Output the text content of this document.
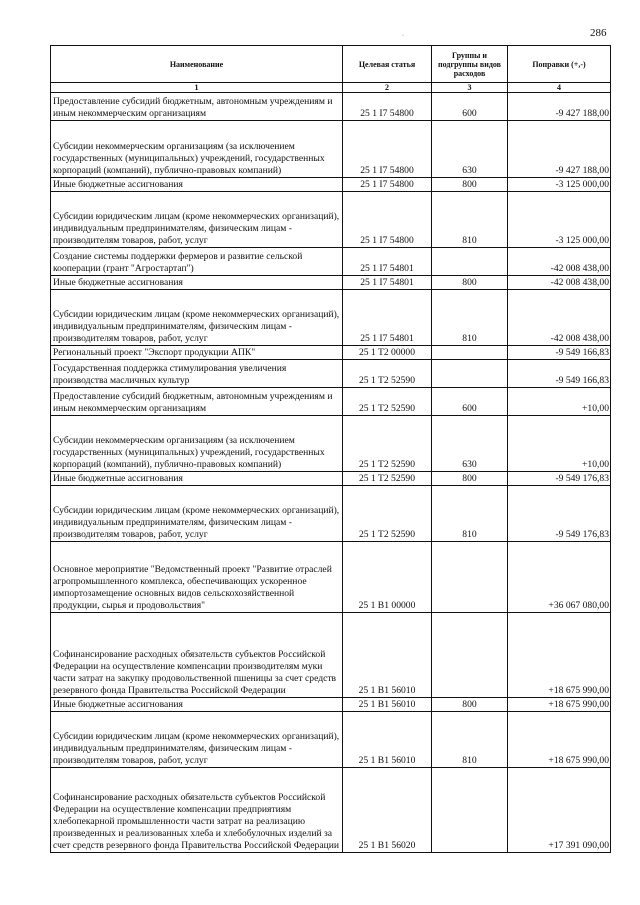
286
·
Наименование	Целевая статья	Группы и подгруппы видов расходов	Поправки (+,-)
1	2	3	4
Предоставление субсидий бюджетным, автономным учреждениям и иным некоммерческим организациям	25 1 I7 54800	600	-9 427 188,00
Субсидии некоммерческим организациям (за исключением государственных (муниципальных) учреждений, государственных корпораций (компаний), публично-правовых компаний)	25 1 I7 54800	630	-9 427 188,00
Иные бюджетные ассигнования	25 1 I7 54800	800	-3 125 000,00
Субсидии юридическим лицам (кроме некоммерческих организаций), индивидуальным предпринимателям, физическим лицам - производителям товаров, работ, услуг	25 1 I7 54800	810	-3 125 000,00
Создание системы поддержки фермеров и развитие сельской кооперации (грант "Агростартап")	25 1 I7 54801		-42 008 438,00
Иные бюджетные ассигнования	25 1 I7 54801	800	-42 008 438,00
Субсидии юридическим лицам (кроме некоммерческих организаций), индивидуальным предпринимателям, физическим лицам - производителям товаров, работ, услуг	25 1 I7 54801	810	-42 008 438,00
Региональный проект "Экспорт продукции АПК"	25 1 T2 00000		-9 549 166,83
Государственная поддержка стимулирования увеличения производства масличных культур	25 1 T2 52590		-9 549 166,83
Предоставление субсидий бюджетным, автономным учреждениям и иным некоммерческим организациям	25 1 T2 52590	600	+10,00
Субсидии некоммерческим организациям (за исключением государственных (муниципальных) учреждений, государственных корпораций (компаний), публично-правовых компаний)	25 1 T2 52590	630	+10,00
Иные бюджетные ассигнования	25 1 T2 52590	800	-9 549 176,83
Субсидии юридическим лицам (кроме некоммерческих организаций), индивидуальным предпринимателям, физическим лицам - производителям товаров, работ, услуг	25 1 T2 52590	810	-9 549 176,83
Основное мероприятие "Ведомственный проект "Развитие отраслей агропромышленного комплекса, обеспечивающих ускоренное импортозамещение основных видов сельскохозяйственной продукции, сырья и продовольствия"	25 1 B1 00000		+36 067 080,00
Софинансирование расходных обязательств субъектов Российской Федерации на осуществление компенсации производителям муки части затрат на закупку продовольственной пшеницы за счет средств резервного фонда Правительства Российской Федерации	25 1 B1 56010		+18 675 990,00
Иные бюджетные ассигнования	25 1 B1 56010	800	+18 675 990,00
Субсидии юридическим лицам (кроме некоммерческих организаций), индивидуальным предпринимателям, физическим лицам - производителям товаров, работ, услуг	25 1 B1 56010	810	+18 675 990,00
Софинансирование расходных обязательств субъектов Российской Федерации на осуществление компенсации предприятиям хлебопекарной промышленности части затрат на реализацию произведенных и реализованных хлеба и хлебобулочных изделий за счет средств резервного фонда Правительства Российской Федерации	25 1 B1 56020		+17 391 090,00
